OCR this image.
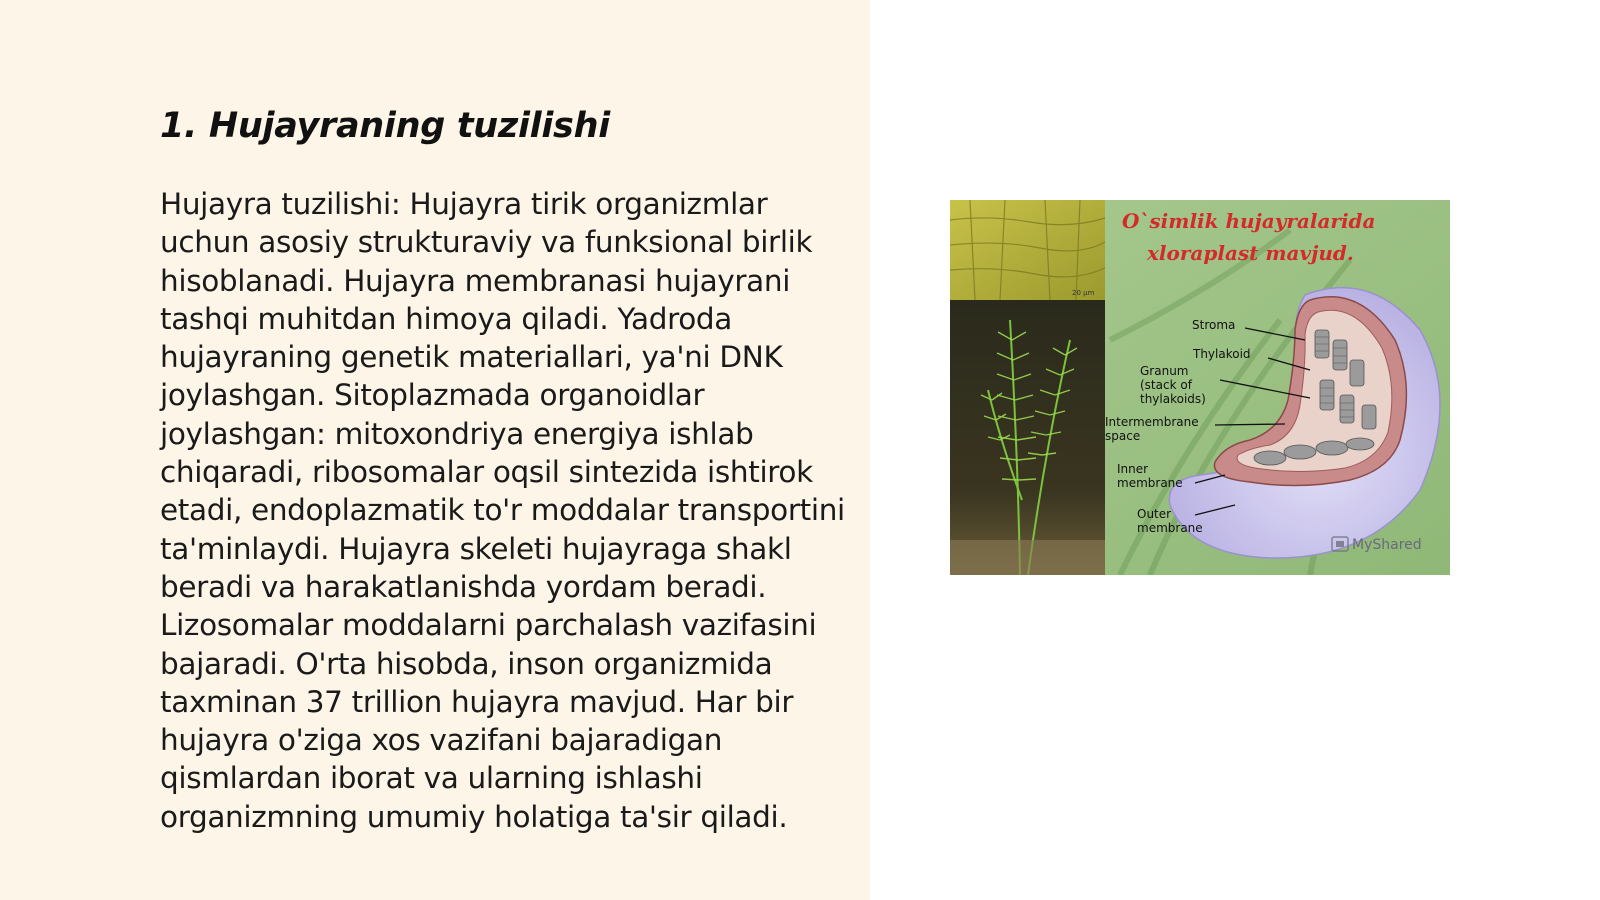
1. Hujayraning tuzilishi

Hujayra tuzilishi: Hujayra tirik organizmlar uchun asosiy strukturaviy va funksional birlik hisoblanadi. Hujayra membranasi hujayrani tashqi muhitdan himoya qiladi. Yadroda hujayraning genetik materiallari, ya'ni DNK joylashgan. Sitoplazmada organoidlar joylashgan: mitoxondriya energiya ishlab chiqaradi, ribosomalar oqsil sintezida ishtirok etadi, endoplazmatik to'r moddalar transportini ta'minlaydi. Hujayra skeleti hujayraga shakl beradi va harakatlanishda yordam beradi. Lizosomalar moddalarni parchalash vazifasini bajaradi. O'rta hisobda, inson organizmida taxminan 37 trillion hujayra mavjud. Har bir hujayra o'ziga xos vazifani bajaradigan qismlardan iborat va ularning ishlashi organizmning umumiy holatiga ta'sir qiladi.

20 µm
O`simlik hujayralarida
xloraplast mavjud.
Stroma
Thylakoid
Granum
(stack of
thylakoids)
Intermembrane
space
Inner
membrane
Outer
membrane
MyShared
